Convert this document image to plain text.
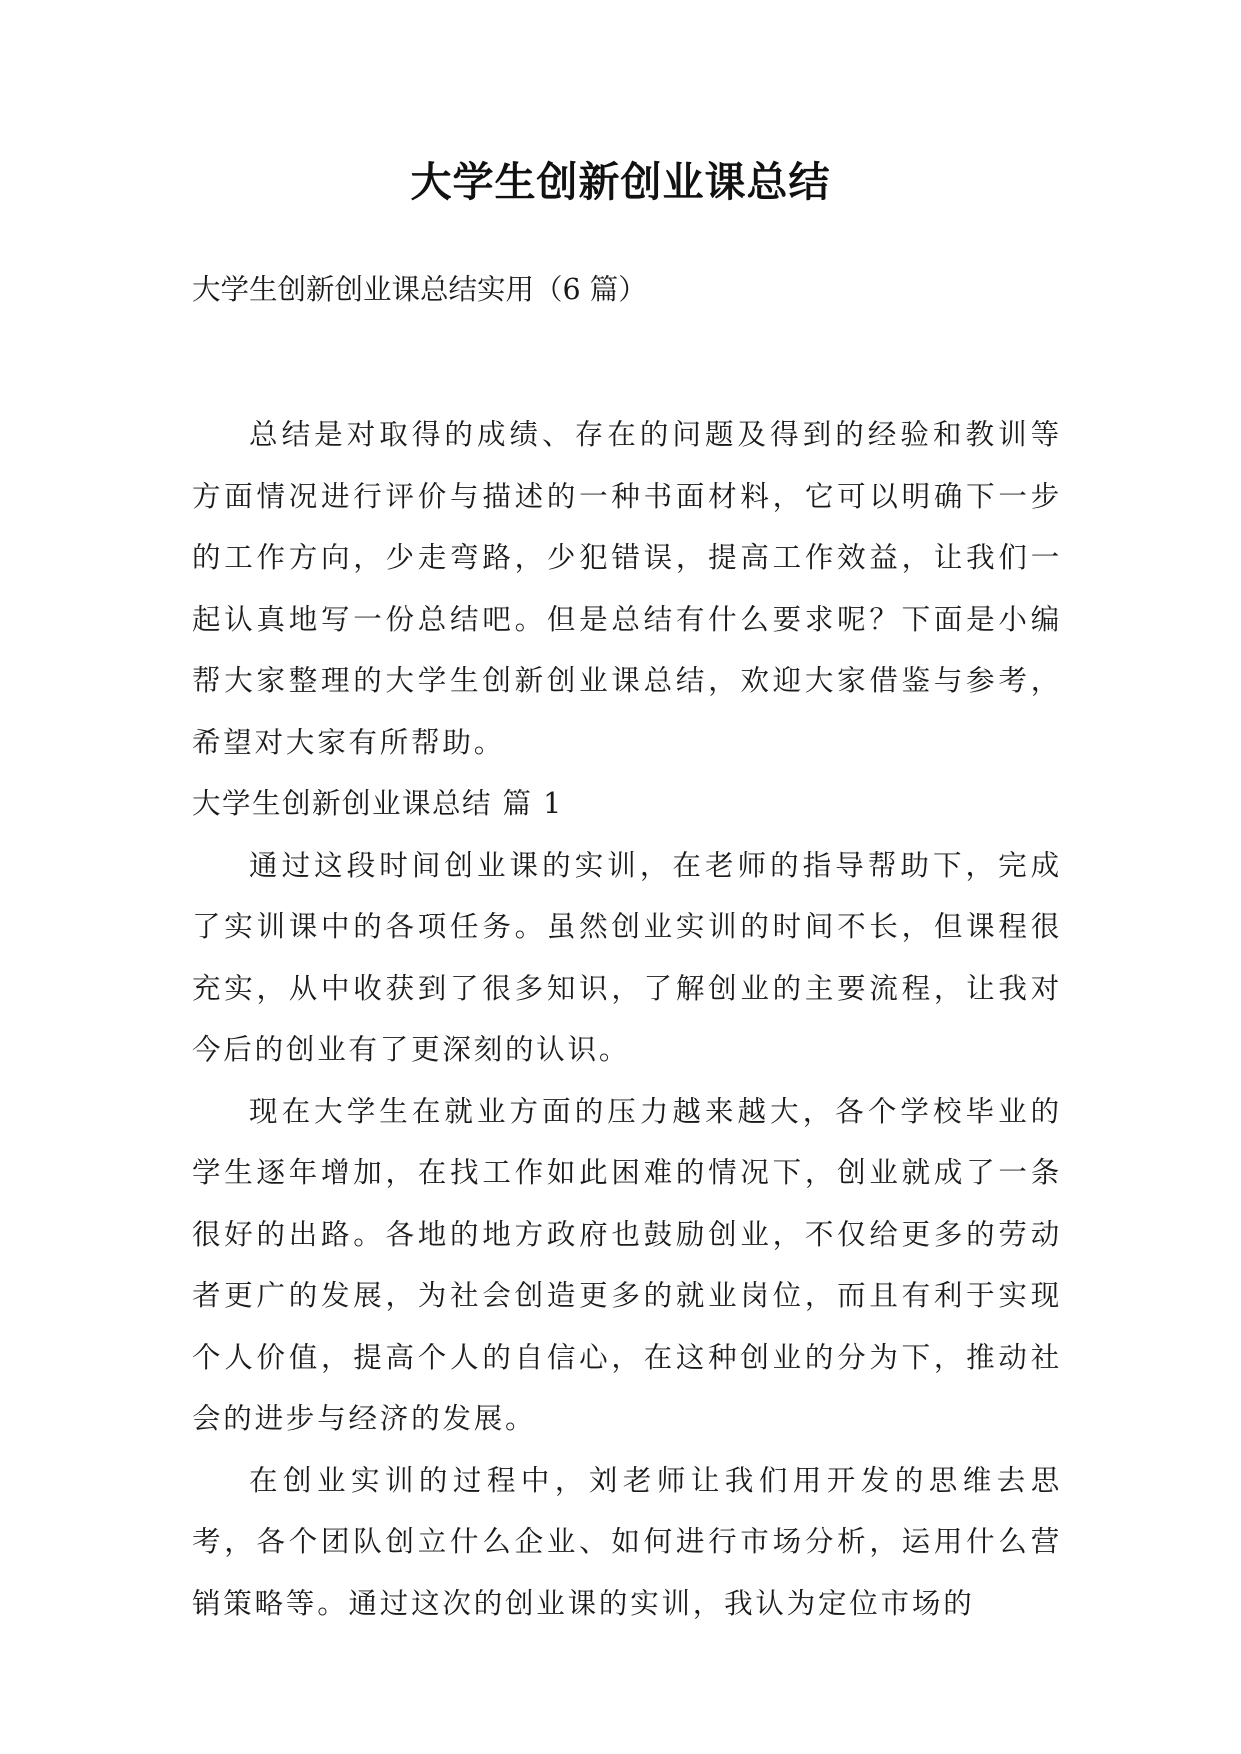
大学生创新创业课总结
大学生创新创业课总结实用（6 篇）

总结是对取得的成绩、存在的问题及得到的经验和教训等方面情况进行评价与描述的一种书面材料，它可以明确下一步的工作方向，少走弯路，少犯错误，提高工作效益，让我们一起认真地写一份总结吧。但是总结有什么要求呢？下面是小编帮大家整理的大学生创新创业课总结，欢迎大家借鉴与参考，希望对大家有所帮助。

大学生创新创业课总结 篇 1

通过这段时间创业课的实训，在老师的指导帮助下，完成了实训课中的各项任务。虽然创业实训的时间不长，但课程很充实，从中收获到了很多知识，了解创业的主要流程，让我对今后的创业有了更深刻的认识。

现在大学生在就业方面的压力越来越大，各个学校毕业的学生逐年增加，在找工作如此困难的情况下，创业就成了一条很好的出路。各地的地方政府也鼓励创业，不仅给更多的劳动者更广的发展，为社会创造更多的就业岗位，而且有利于实现个人价值，提高个人的自信心，在这种创业的分为下，推动社会的进步与经济的发展。

在创业实训的过程中，刘老师让我们用开发的思维去思考，各个团队创立什么企业、如何进行市场分析，运用什么营销策略等。通过这次的创业课的实训，我认为定位市场的
